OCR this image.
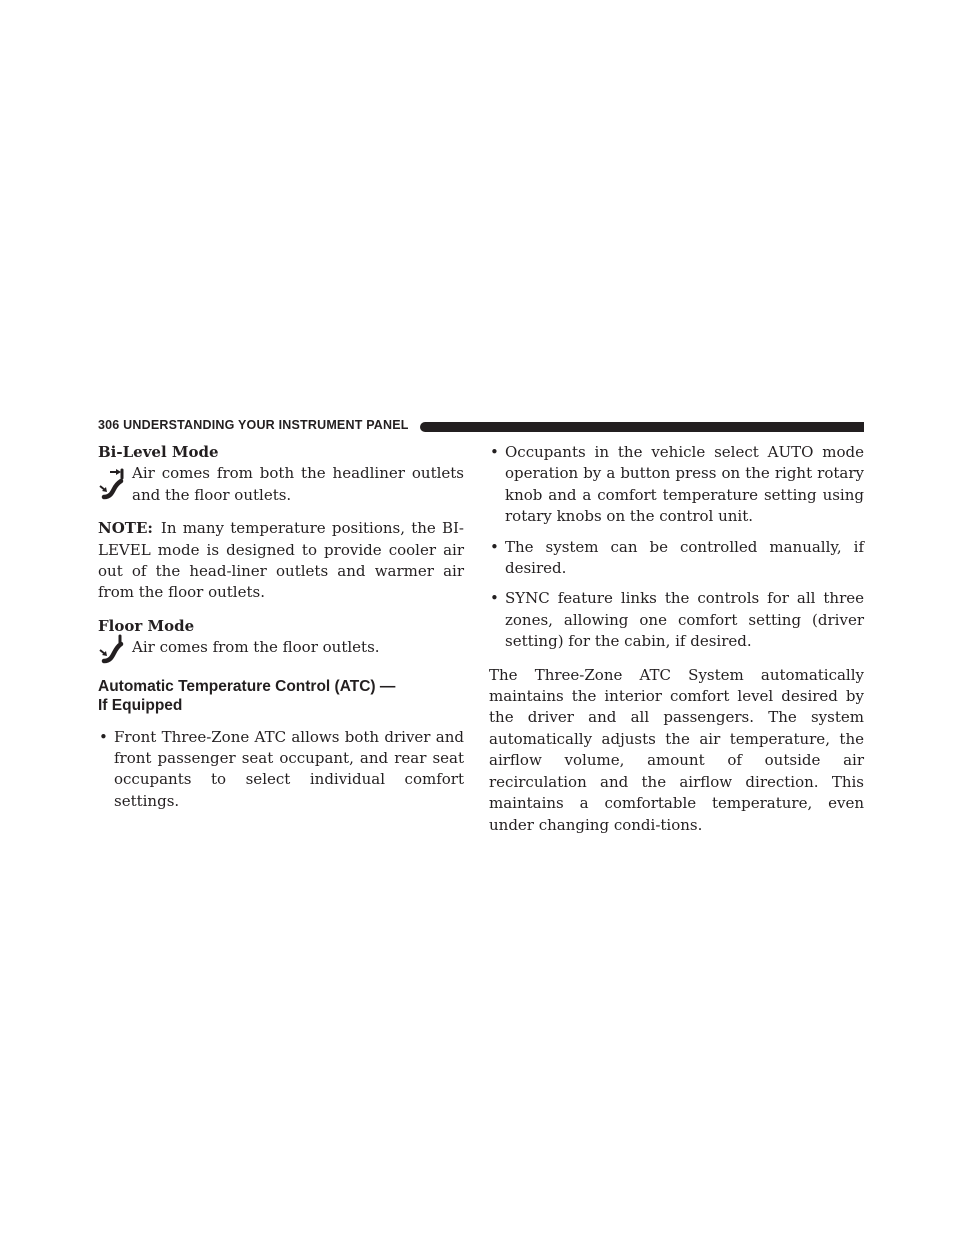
306 UNDERSTANDING YOUR INSTRUMENT PANEL
Bi-Level Mode

Air comes from both the headliner outlets and the floor outlets.

NOTE: In many temperature positions, the BI-LEVEL mode is designed to provide cooler air out of the head-liner outlets and warmer air from the floor outlets.

Floor Mode

Air comes from the floor outlets.

Automatic Temperature Control (ATC) —
If Equipped
• Front Three-Zone ATC allows both driver and front passenger seat occupant, and rear seat occupants to select individual comfort settings.
• Occupants in the vehicle select AUTO mode operation by a button press on the right rotary knob and a comfort temperature setting using rotary knobs on the control unit.
• The system can be controlled manually, if desired.
• SYNC feature links the controls for all three zones, allowing one comfort setting (driver setting) for the cabin, if desired.

The Three-Zone ATC System automatically maintains the interior comfort level desired by the driver and all passengers. The system automatically adjusts the air temperature, the airflow volume, amount of outside air recirculation and the airflow direction. This maintains a comfortable temperature, even under changing condi-tions.
